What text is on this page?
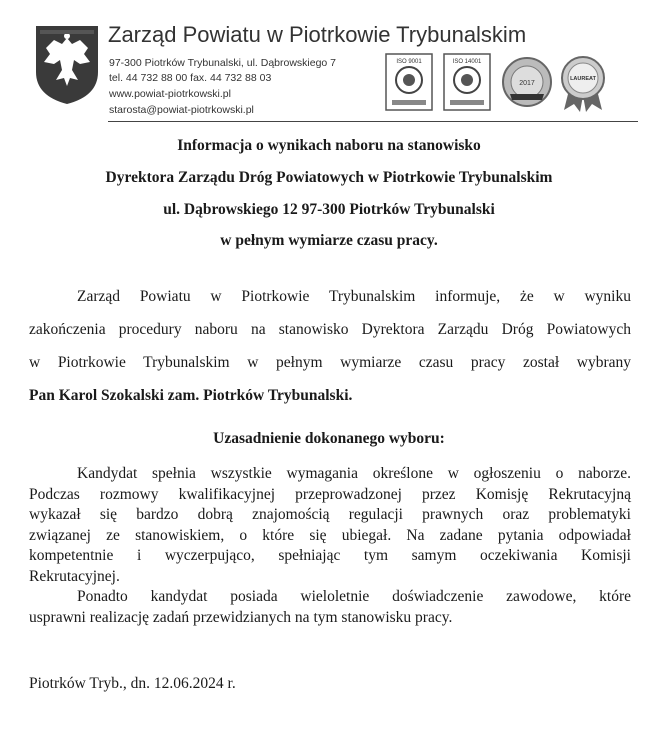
Zarząd Powiatu w Piotrkowie Trybunalskim
97-300 Piotrków Trybunalski, ul. Dąbrowskiego 7
tel. 44 732 88 00 fax. 44 732 88 03
www.powiat-piotrkowski.pl
starosta@powiat-piotrkowski.pl
ISO 9001	ISO 14001
2017
LAUREAT
Informacja o wynikach naboru na stanowisko
Dyrektora Zarządu Dróg Powiatowych w Piotrkowie Trybunalskim
ul. Dąbrowskiego 12 97-300 Piotrków Trybunalski
w pełnym wymiarze czasu pracy.
Zarząd Powiatu w Piotrkowie Trybunalskim informuje, że w wyniku
zakończenia procedury naboru na stanowisko Dyrektora Zarządu Dróg Powiatowych
w Piotrkowie Trybunalskim w pełnym wymiarze czasu pracy został wybrany
Pan Karol Szokalski zam. Piotrków Trybunalski.
Uzasadnienie dokonanego wyboru:
Kandydat spełnia wszystkie wymagania określone w ogłoszeniu o naborze.
Podczas rozmowy kwalifikacyjnej przeprowadzonej przez Komisję Rekrutacyjną
wykazał się bardzo dobrą znajomością regulacji prawnych oraz problematyki
związanej ze stanowiskiem, o które się ubiegał. Na zadane pytania odpowiadał
kompetentnie i wyczerpująco, spełniając tym samym oczekiwania Komisji
Rekrutacyjnej.
Ponadto kandydat posiada wieloletnie doświadczenie zawodowe, które
usprawni realizację zadań przewidzianych na tym stanowisku pracy.
Piotrków Tryb., dn. 12.06.2024 r.
